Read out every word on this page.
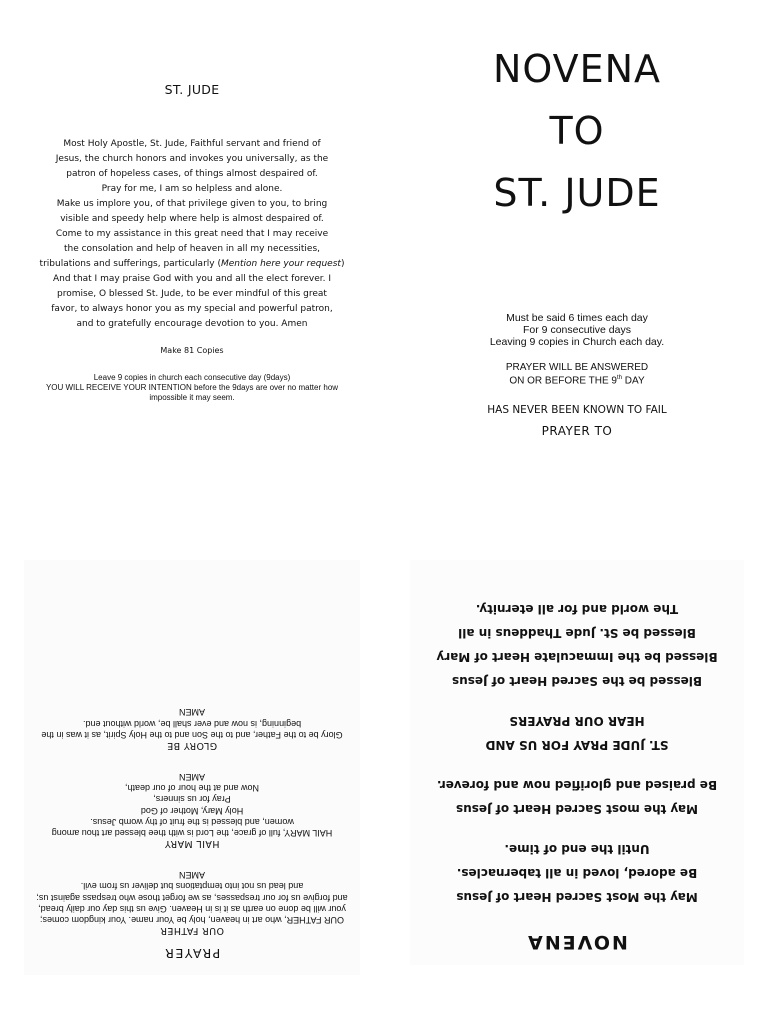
ST. JUDE

Most Holy Apostle, St. Jude, Faithful servant and friend of

Jesus, the church honors and invokes you universally, as the

patron of hopeless cases, of things almost despaired of.

Pray for me, I am so helpless and alone.

Make us implore you, of that privilege given to you, to bring

visible and speedy help where help is almost despaired of.

Come to my assistance in this great need that I may receive

the consolation and help of heaven in all my necessities,

tribulations and sufferings, particularly (Mention here your request)

And that I may praise God with you and all the elect forever. I

promise, O blessed St. Jude, to be ever mindful of this great

favor, to always honor you as my special and powerful patron,

and to gratefully encourage devotion to you. Amen

Make 81 Copies
Leave 9 copies in church each consecutive day (9days)
YOU WILL RECEIVE YOUR INTENTION before the 9days are over no matter how impossible it may seem.
NOVENA
TO
ST. JUDE
Must be said 6 times each day
For 9 consecutive days
Leaving 9 copies in Church each day.
PRAYER WILL BE ANSWERED
ON OR BEFORE THE 9th DAY
HAS NEVER BEEN KNOWN TO FAIL
PRAYER TO
PRAYER
OUR FATHER
OUR FATHER, who art in heaven, holy be Your name. Your kingdom comes; your will be done on earth as it is in Heaven. Give us this day our daily bread, and forgive us for our trespasses, as we forget those who trespass against us; and lead us not into temptations but deliver us from evil.
AMEN
HAIL MARY
HAIL MARY, full of grace, the Lord is with thee blessed art thou among women, and blessed is the fruit of thy womb Jesus.
Holy Mary, Mother of God
Pray for us sinners,
Now and at the hour of our death,
AMEN
GLORY BE
Glory be to the Father, and to the Son and to the Holy Spirit, as it was in the beginning, is now and ever shall be, world without end.
AMEN
NOVENA
May the Most Sacred Heart of Jesus
Be adored, loved in all tabernacles.
Until the end of time.
May the most Sacred Heart of Jesus
Be praised and glorified now and forever.
ST. JUDE PRAY FOR US AND
HEAR OUR PRAYERS
Blessed be the Sacred Heart of Jesus
Blessed be the Immaculate Heart of Mary
Blessed be St. Jude Thaddeus in all
The world and for all eternity.
